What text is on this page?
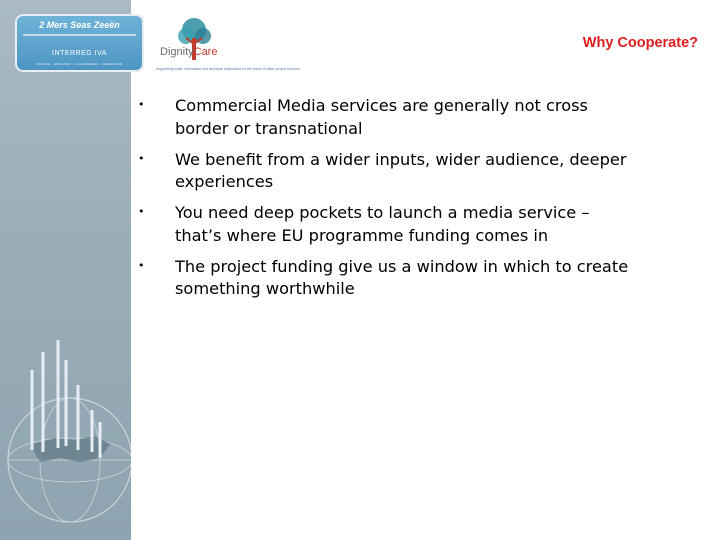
2 Mers Seas Zeeën
INTERREG IVA
FRANCE - ENGLAND - VLAANDEREN - NEDERLAND
DignityCare
Supporting public information and technical exploration for the future of older people services
Why Cooperate?
• Commercial Media services are generally not cross border or transnational
• We benefit from a wider inputs, wider audience, deeper experiences
• You need deep pockets to launch a media service – that’s where EU programme funding comes in
• The project funding give us a window in which to create something worthwhile
